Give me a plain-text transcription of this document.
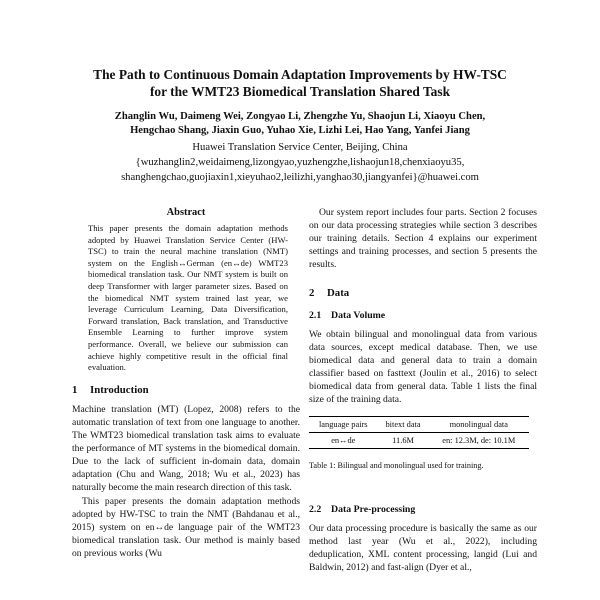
The Path to Continuous Domain Adaptation Improvements by HW-TSC
for the WMT23 Biomedical Translation Shared Task
Zhanglin Wu, Daimeng Wei, Zongyao Li, Zhengzhe Yu, Shaojun Li, Xiaoyu Chen,
Hengchao Shang, Jiaxin Guo, Yuhao Xie, Lizhi Lei, Hao Yang, Yanfei Jiang
Huawei Translation Service Center, Beijing, China
{wuzhanglin2,weidaimeng,lizongyao,yuzhengzhe,lishaojun18,chenxiaoyu35,
shanghengchao,guojiaxin1,xieyuhao2,leilizhi,yanghao30,jiangyanfei}@huawei.com
Abstract

This paper presents the domain adaptation methods adopted by Huawei Translation Service Center (HW-TSC) to train the neural machine translation (NMT) system on the English↔German (en↔de) WMT23 biomedical translation task. Our NMT system is built on deep Transformer with larger parameter sizes. Based on the biomedical NMT system trained last year, we leverage Curriculum Learning, Data Diversification, Forward translation, Back translation, and Transductive Ensemble Learning to further improve system performance. Overall, we believe our submission can achieve highly competitive result in the official final evaluation.

1 Introduction

Machine translation (MT) (Lopez, 2008) refers to the automatic translation of text from one language to another. The WMT23 biomedical translation task aims to evaluate the performance of MT systems in the biomedical domain. Due to the lack of sufficient in-domain data, domain adaptation (Chu and Wang, 2018; Wu et al., 2023) has naturally become the main research direction of this task.

This paper presents the domain adaptation methods adopted by HW-TSC to train the NMT (Bahdanau et al., 2015) system on en↔de language pair of the WMT23 biomedical translation task. Our method is mainly based on previous works (Wu

Our system report includes four parts. Section 2 focuses on our data processing strategies while section 3 describes our training details. Section 4 explains our experiment settings and training processes, and section 5 presents the results.

2 Data
2.1 Data Volume

We obtain bilingual and monolingual data from various data sources, except medical database. Then, we use biomedical data and general data to train a domain classifier based on fasttext (Joulin et al., 2016) to select biomedical data from general data. Table 1 lists the final size of the training data.

language pairs	bitext data	monolingual data
en↔de	11.6M	en: 12.3M, de: 10.1M
Table 1: Bilingual and monolingual used for training.
2.2 Data Pre-processing

Our data processing procedure is basically the same as our method last year (Wu et al., 2022), including deduplication, XML content processing, langid (Lui and Baldwin, 2012) and fast-align (Dyer et al.,
